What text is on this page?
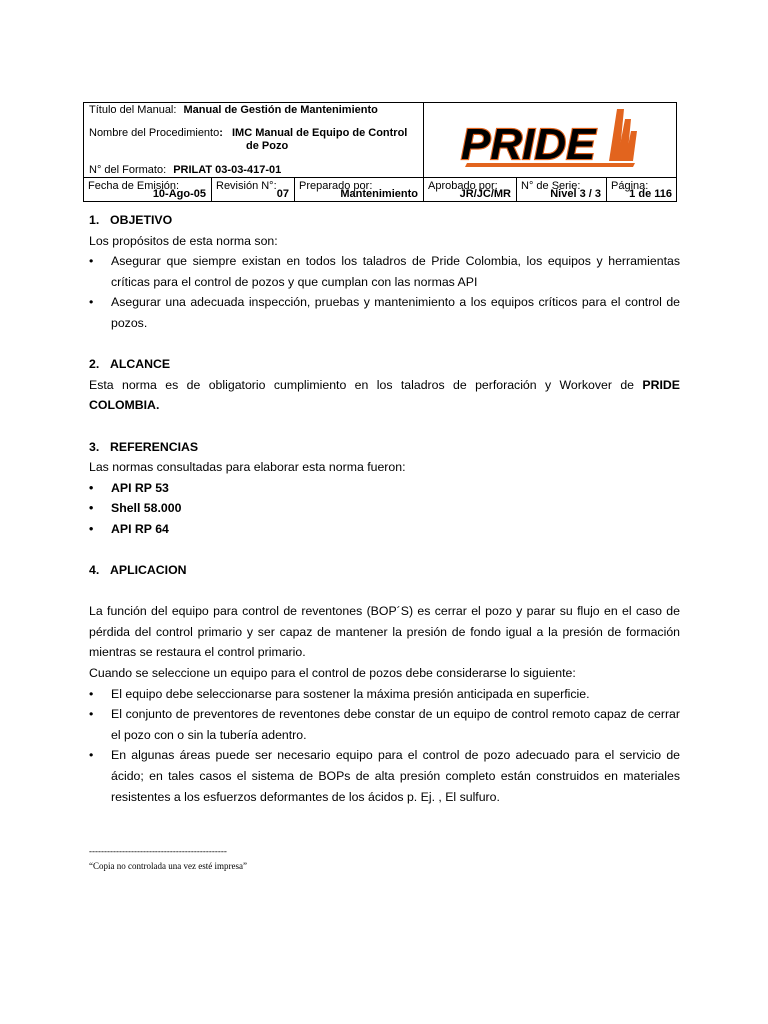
Título del Manual: Manual de Gestión de Mantenimiento
Nombre del Procedimiento: IMC Manual de Equipo de Control
de Pozo
N° del Formato: PRILAT 03-03-417-01
PRIDE
Fecha de Emisión:
10-Ago-05
Revisión N°:
07
Preparado por:
Mantenimiento
Aprobado por:
JR/JC/MR
N° de Serie:
Nivel 3 / 3
Página:
1 de 116
1. OBJETIVO

Los propósitos de esta norma son:

• Asegurar que siempre existan en todos los taladros de Pride Colombia, los equipos y herramientas críticas para el control de pozos y que cumplan con las normas API
• Asegurar una adecuada inspección, pruebas y mantenimiento a los equipos críticos para el control de pozos.
2. ALCANCE

Esta norma es de obligatorio cumplimiento en los taladros de perforación y Workover de PRIDE COLOMBIA.

3. REFERENCIAS

Las normas consultadas para elaborar esta norma fueron:

• API RP 53
• Shell 58.000
• API RP 64
4. APLICACION

La función del equipo para control de reventones (BOP´S) es cerrar el pozo y parar su flujo en el caso de pérdida del control primario y ser capaz de mantener la presión de fondo igual a la presión de formación mientras se restaura el control primario.

Cuando se seleccione un equipo para el control de pozos debe considerarse lo siguiente:

• El equipo debe seleccionarse para sostener la máxima presión anticipada en superficie.
• El conjunto de preventores de reventones debe constar de un equipo de control remoto capaz de cerrar el pozo con o sin la tubería adentro.
• En algunas áreas puede ser necesario equipo para el control de pozo adecuado para el servicio de ácido; en tales casos el sistema de BOPs de alta presión completo están construidos en materiales resistentes a los esfuerzos deformantes de los ácidos p. Ej. , El sulfuro.
----------------------------------------------
“Copia no controlada una vez esté impresa”
